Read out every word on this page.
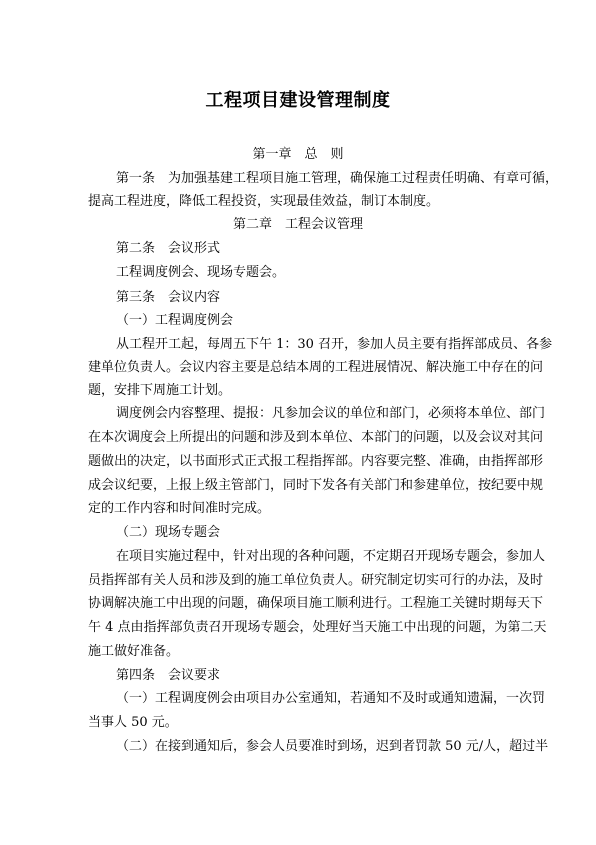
工程项目建设管理制度
第一章　总　则
第一条　为加强基建工程项目施工管理，确保施工过程责任明确、有章可循，
提高工程进度，降低工程投资，实现最佳效益，制订本制度。
第二章　工程会议管理
第二条　会议形式
工程调度例会、现场专题会。
第三条　会议内容
（一）工程调度例会
从工程开工起，每周五下午 1：30 召开，参加人员主要有指挥部成员、各参
建单位负责人。会议内容主要是总结本周的工程进展情况、解决施工中存在的问
题，安排下周施工计划。
调度例会内容整理、提报：凡参加会议的单位和部门，必须将本单位、部门
在本次调度会上所提出的问题和涉及到本单位、本部门的问题，以及会议对其问
题做出的决定，以书面形式正式报工程指挥部。内容要完整、准确，由指挥部形
成会议纪要，上报上级主管部门，同时下发各有关部门和参建单位，按纪要中规
定的工作内容和时间准时完成。
（二）现场专题会
在项目实施过程中，针对出现的各种问题，不定期召开现场专题会，参加人
员指挥部有关人员和涉及到的施工单位负责人。研究制定切实可行的办法，及时
协调解决施工中出现的问题，确保项目施工顺利进行。工程施工关键时期每天下
午 4 点由指挥部负责召开现场专题会，处理好当天施工中出现的问题，为第二天
施工做好准备。
第四条　会议要求
（一）工程调度例会由项目办公室通知，若通知不及时或通知遗漏，一次罚
当事人 50 元。
（二）在接到通知后，参会人员要准时到场，迟到者罚款 50 元/人，超过半
